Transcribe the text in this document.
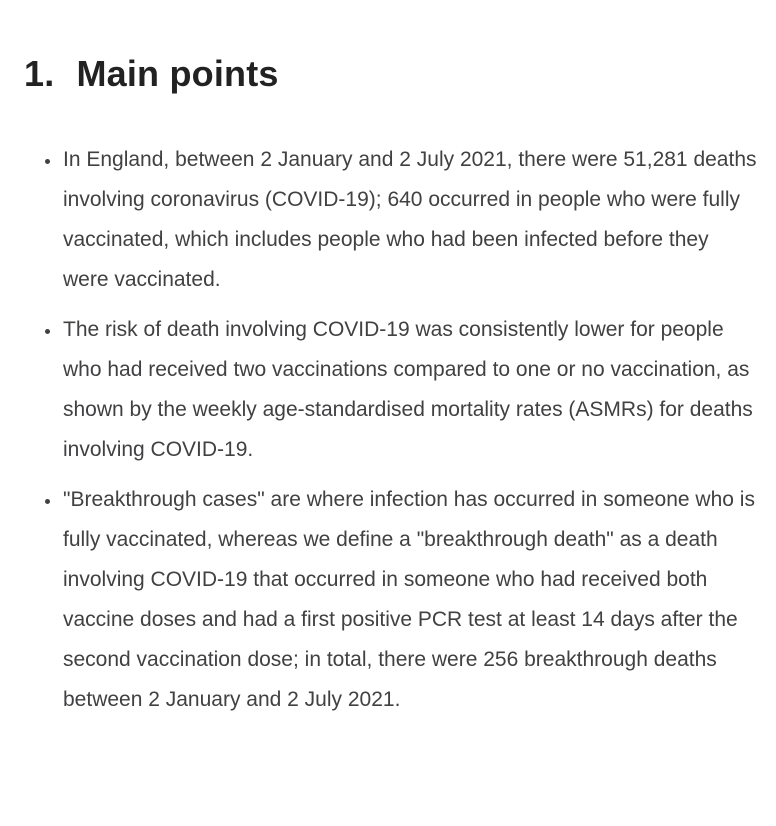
1. Main points
• In England, between 2 January and 2 July 2021, there were 51,281 deaths involving coronavirus (COVID-19); 640 occurred in people who were fully vaccinated, which includes people who had been infected before they were vaccinated.
• The risk of death involving COVID-19 was consistently lower for people who had received two vaccinations compared to one or no vaccination, as shown by the weekly age-standardised mortality rates (ASMRs) for deaths involving COVID-19.
• "Breakthrough cases" are where infection has occurred in someone who is fully vaccinated, whereas we define a "breakthrough death" as a death involving COVID-19 that occurred in someone who had received both vaccine doses and had a first positive PCR test at least 14 days after the second vaccination dose; in total, there were 256 breakthrough deaths between 2 January and 2 July 2021.
